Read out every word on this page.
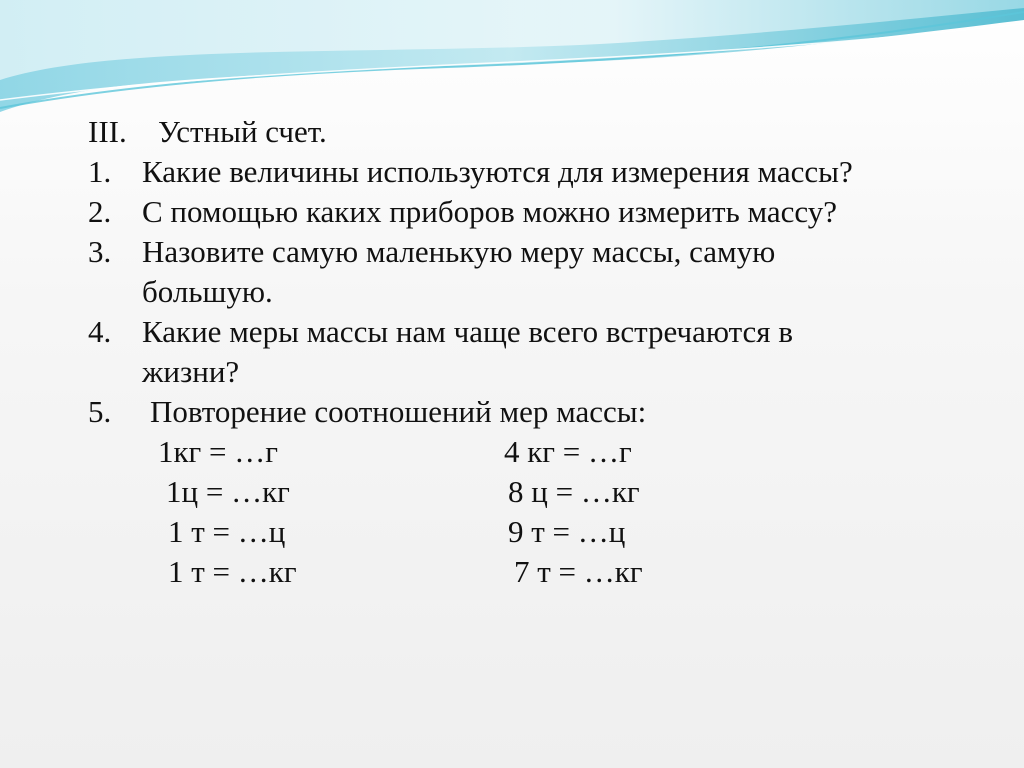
III. Устный счет.
1. Какие величины используются для измерения массы?
2. С помощью каких приборов можно измерить массу?
3. Назовите самую маленькую меру массы, самую
большую.
4. Какие меры массы нам чаще всего встречаются в
жизни?
5. Повторение соотношений мер массы:
1кг = …г	4 кг = …г
1ц = …кг	8 ц = …кг
1 т = …ц	9 т = …ц
1 т = …кг	7 т = …кг
